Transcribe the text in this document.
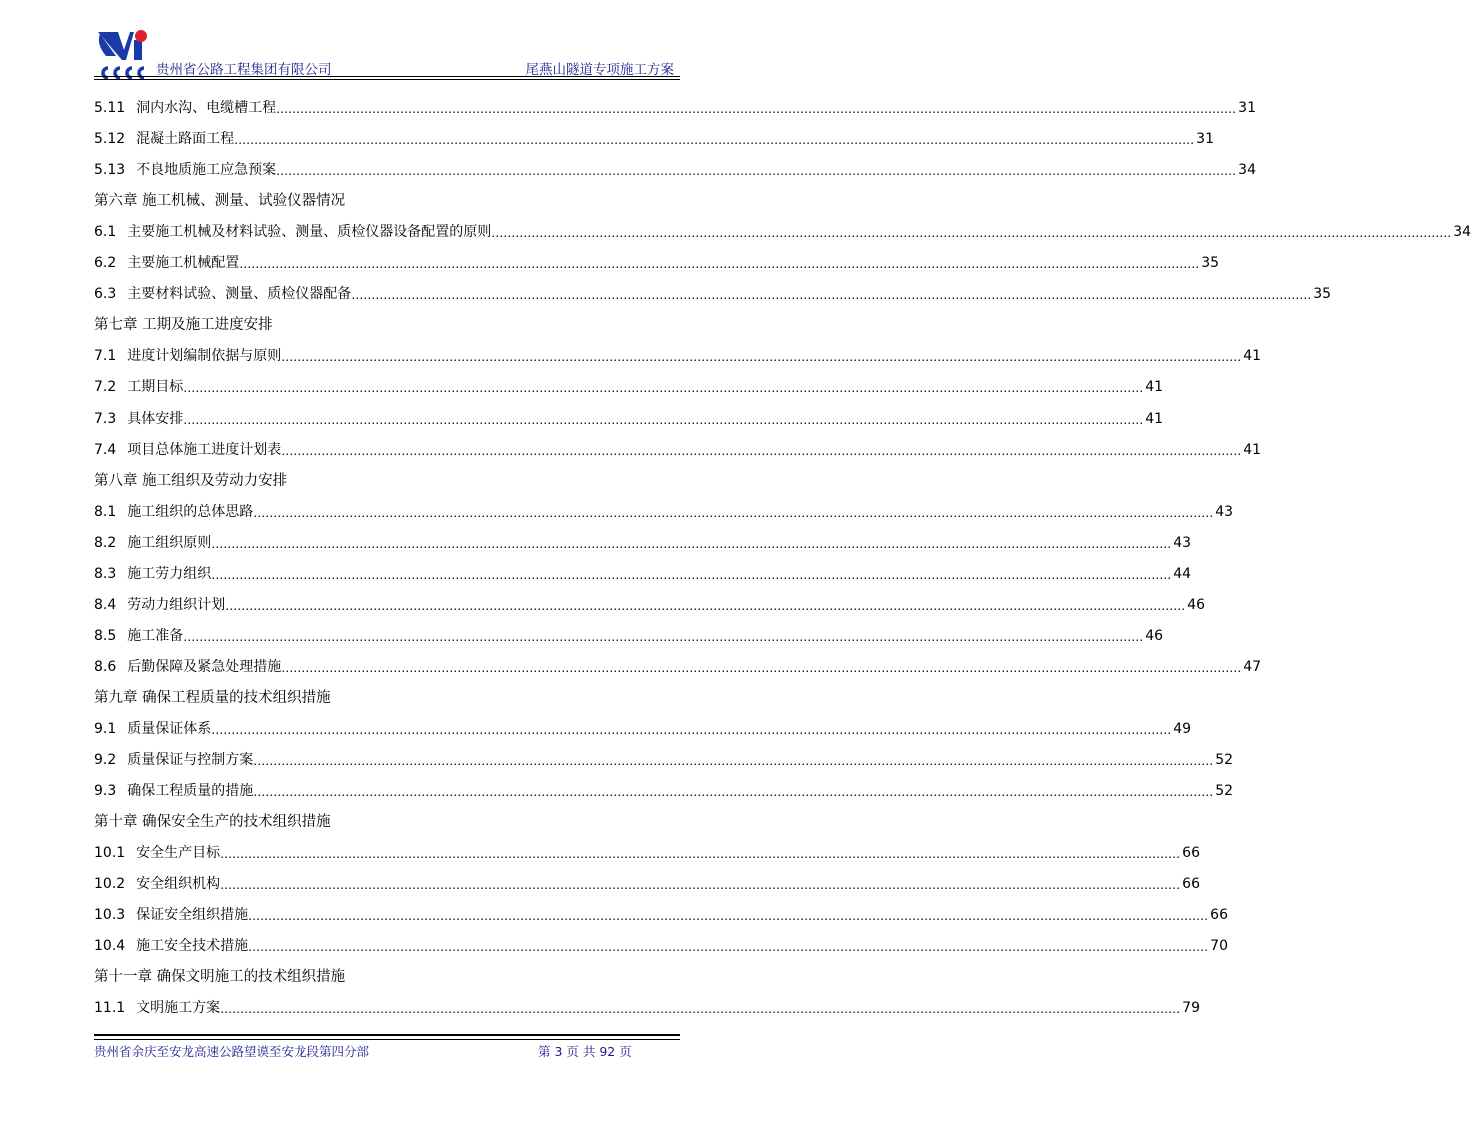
贵州省公路工程集团有限公司	尾燕山隧道专项施工方案
5.11 洞内水沟、电缆槽工程 …………………………………………………………………………………………………………………………………………………………………………………………………………………… 31
5.12 混凝土路面工程 …………………………………………………………………………………………………………………………………………………………………………………………………………………… 31
5.13 不良地质施工应急预案 …………………………………………………………………………………………………………………………………………………………………………………………………………………… 34
第六章 施工机械、测量、试验仪器情况
6.1 主要施工机械及材料试验、测量、质检仪器设备配置的原则 …………………………………………………………………………………………………………………………………………………………………………………………………………………… 34
6.2 主要施工机械配置 …………………………………………………………………………………………………………………………………………………………………………………………………………………… 35
6.3 主要材料试验、测量、质检仪器配备 …………………………………………………………………………………………………………………………………………………………………………………………………………………… 35
第七章 工期及施工进度安排
7.1 进度计划编制依据与原则 …………………………………………………………………………………………………………………………………………………………………………………………………………………… 41
7.2 工期目标 …………………………………………………………………………………………………………………………………………………………………………………………………………………… 41
7.3 具体安排 …………………………………………………………………………………………………………………………………………………………………………………………………………………… 41
7.4 项目总体施工进度计划表 …………………………………………………………………………………………………………………………………………………………………………………………………………………… 41
第八章 施工组织及劳动力安排
8.1 施工组织的总体思路 …………………………………………………………………………………………………………………………………………………………………………………………………………………… 43
8.2 施工组织原则 …………………………………………………………………………………………………………………………………………………………………………………………………………………… 43
8.3 施工劳力组织 …………………………………………………………………………………………………………………………………………………………………………………………………………………… 44
8.4 劳动力组织计划 …………………………………………………………………………………………………………………………………………………………………………………………………………………… 46
8.5 施工准备 …………………………………………………………………………………………………………………………………………………………………………………………………………………… 46
8.6 后勤保障及紧急处理措施 …………………………………………………………………………………………………………………………………………………………………………………………………………………… 47
第九章 确保工程质量的技术组织措施
9.1 质量保证体系 …………………………………………………………………………………………………………………………………………………………………………………………………………………… 49
9.2 质量保证与控制方案 …………………………………………………………………………………………………………………………………………………………………………………………………………………… 52
9.3 确保工程质量的措施 …………………………………………………………………………………………………………………………………………………………………………………………………………………… 52
第十章 确保安全生产的技术组织措施
10.1 安全生产目标 …………………………………………………………………………………………………………………………………………………………………………………………………………………… 66
10.2 安全组织机构 …………………………………………………………………………………………………………………………………………………………………………………………………………………… 66
10.3 保证安全组织措施 …………………………………………………………………………………………………………………………………………………………………………………………………………………… 66
10.4 施工安全技术措施 …………………………………………………………………………………………………………………………………………………………………………………………………………………… 70
第十一章 确保文明施工的技术组织措施
11.1 文明施工方案 …………………………………………………………………………………………………………………………………………………………………………………………………………………… 79
贵州省余庆至安龙高速公路望谟至安龙段第四分部	第 3 页 共 92 页
